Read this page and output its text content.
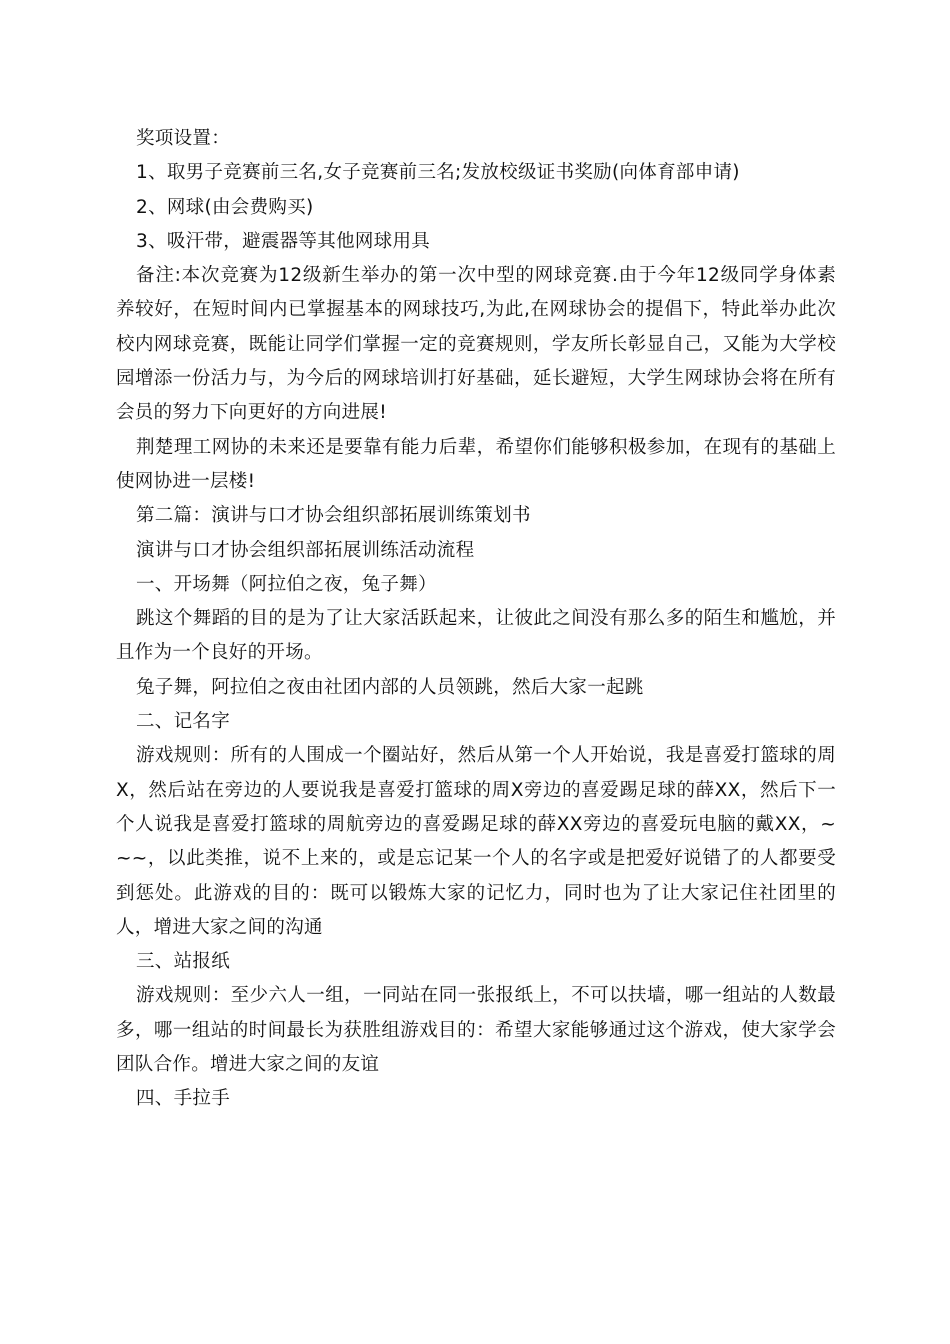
奖项设置：

1、取男子竞赛前三名,女子竞赛前三名;发放校级证书奖励(向体育部申请)

2、网球(由会费购买)

3、吸汗带，避震器等其他网球用具

备注:本次竞赛为12级新生举办的第一次中型的网球竞赛.由于今年12级同学身体素养较好，在短时间内已掌握基本的网球技巧,为此,在网球协会的提倡下，特此举办此次校内网球竞赛，既能让同学们掌握一定的竞赛规则，学友所长彰显自己，又能为大学校园增添一份活力与，为今后的网球培训打好基础，延长避短，大学生网球协会将在所有会员的努力下向更好的方向进展!

荆楚理工网协的未来还是要靠有能力后辈，希望你们能够积极参加，在现有的基础上使网协进一层楼!

第二篇：演讲与口才协会组织部拓展训练策划书

演讲与口才协会组织部拓展训练活动流程

一、开场舞（阿拉伯之夜，兔子舞）

跳这个舞蹈的目的是为了让大家活跃起来，让彼此之间没有那么多的陌生和尴尬，并且作为一个良好的开场。

兔子舞，阿拉伯之夜由社团内部的人员领跳，然后大家一起跳

二、记名字

游戏规则：所有的人围成一个圈站好，然后从第一个人开始说，我是喜爱打篮球的周X，然后站在旁边的人要说我是喜爱打篮球的周X旁边的喜爱踢足球的薛XX，然后下一个人说我是喜爱打篮球的周航旁边的喜爱踢足球的薛XX旁边的喜爱玩电脑的戴XX，~~~，以此类推，说不上来的，或是忘记某一个人的名字或是把爱好说错了的人都要受到惩处。此游戏的目的：既可以锻炼大家的记忆力，同时也为了让大家记住社团里的人，增进大家之间的沟通

三、站报纸

游戏规则：至少六人一组，一同站在同一张报纸上，不可以扶墙，哪一组站的人数最多，哪一组站的时间最长为获胜组游戏目的：希望大家能够通过这个游戏，使大家学会团队合作。增进大家之间的友谊

四、手拉手
